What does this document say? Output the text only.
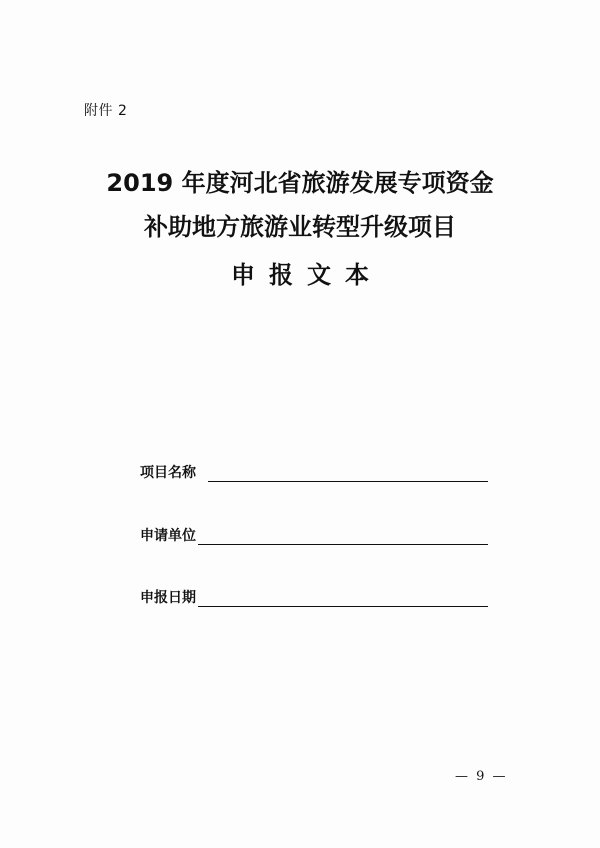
附件 2
2019 年度河北省旅游发展专项资金
补助地方旅游业转型升级项目
申报文本
项目名称
申请单位
申报日期
— 9 —
